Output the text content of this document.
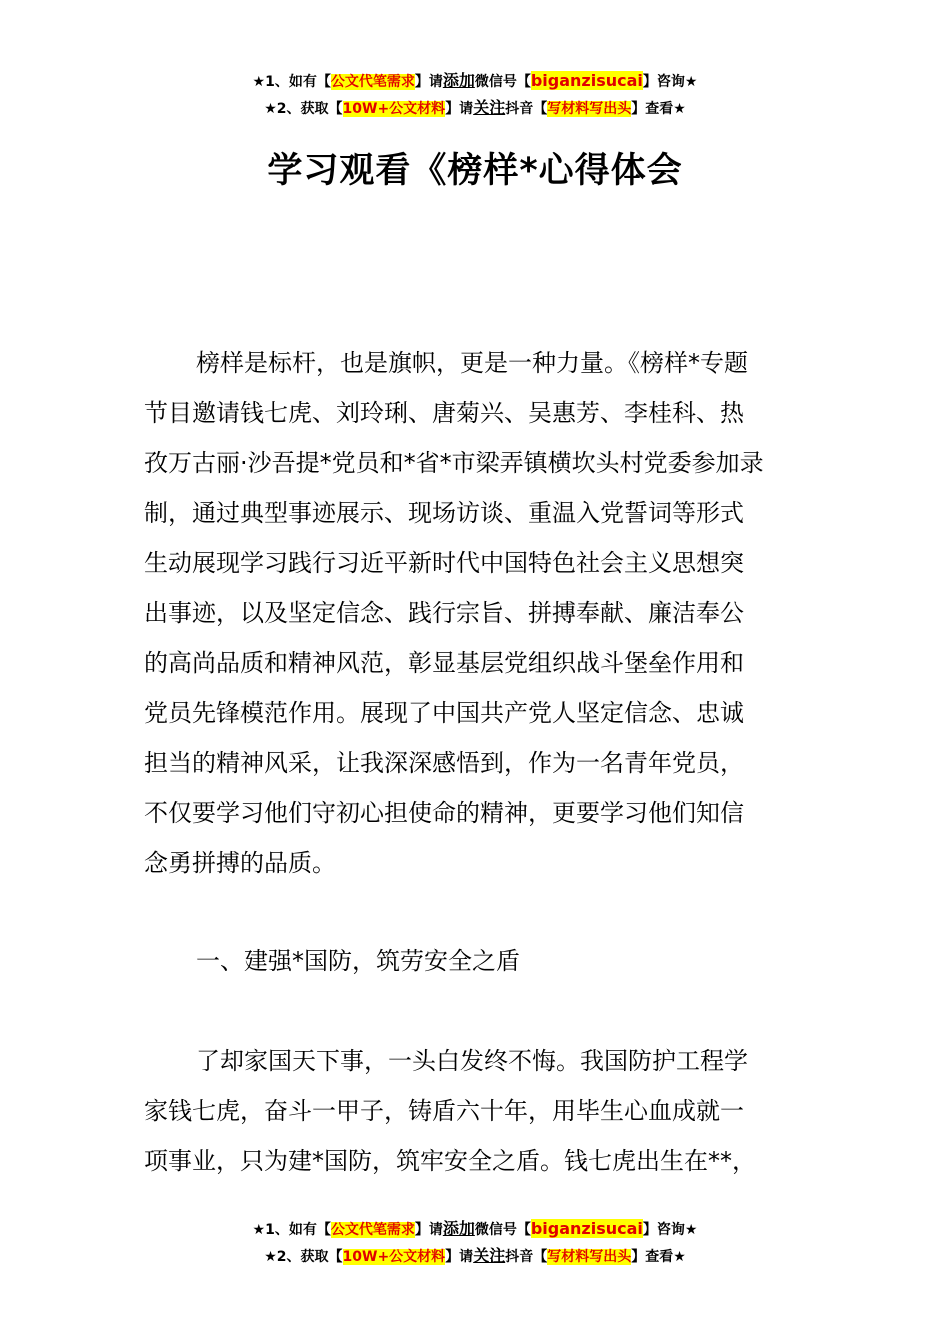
★1、如有【公文代笔需求】请添加微信号【biganzisucai】咨询★
★2、获取【10W+公文材料】请关注抖音【写材料写出头】查看★
学习观看《榜样*心得体会
榜样是标杆，也是旗帜，更是一种力量。《榜样*专题
节目邀请钱七虎、刘玲琍、唐菊兴、吴惠芳、李桂科、热
孜万古丽·沙吾提*党员和*省*市梁弄镇横坎头村党委参加录
制，通过典型事迹展示、现场访谈、重温入党誓词等形式
生动展现学习践行习近平新时代中国特色社会主义思想突
出事迹，以及坚定信念、践行宗旨、拼搏奉献、廉洁奉公
的高尚品质和精神风范，彰显基层党组织战斗堡垒作用和
党员先锋模范作用。展现了中国共产党人坚定信念、忠诚
担当的精神风采，让我深深感悟到，作为一名青年党员，
不仅要学习他们守初心担使命的精神，更要学习他们知信
念勇拼搏的品质。
一、建强*国防，筑劳安全之盾
了却家国天下事，一头白发终不悔。我国防护工程学
家钱七虎，奋斗一甲子，铸盾六十年，用毕生心血成就一
项事业，只为建*国防，筑牢安全之盾。钱七虎出生在**，
★1、如有【公文代笔需求】请添加微信号【biganzisucai】咨询★
★2、获取【10W+公文材料】请关注抖音【写材料写出头】查看★
